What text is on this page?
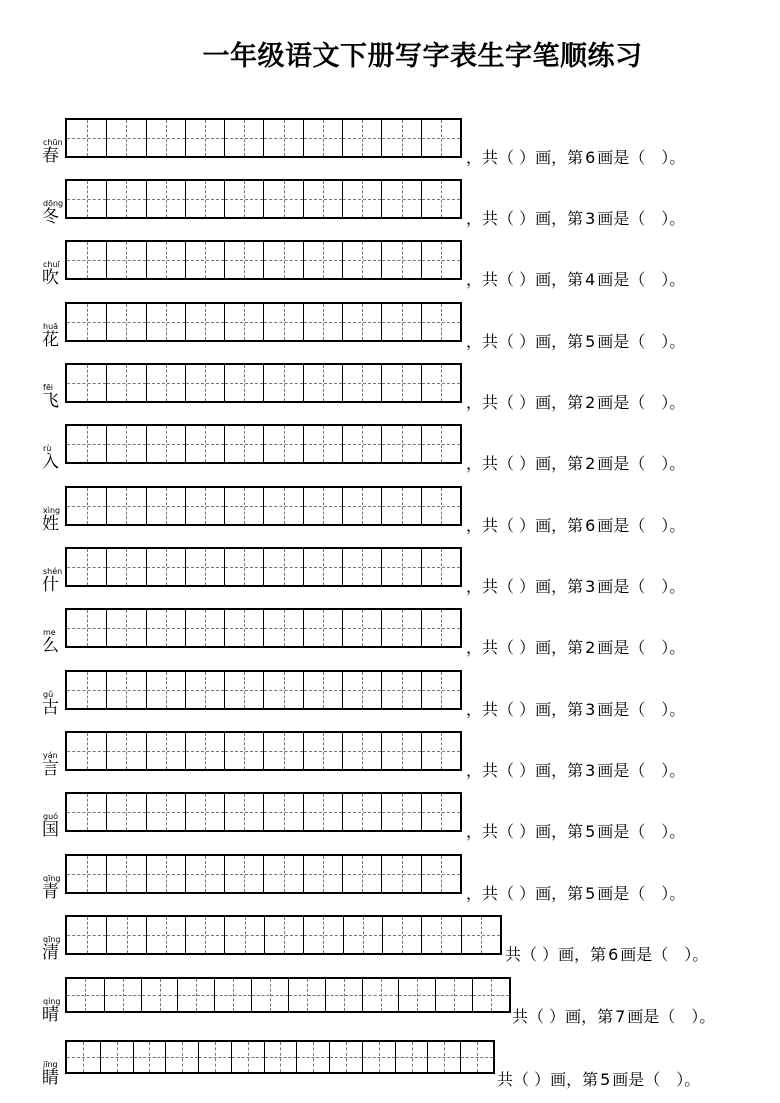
一年级语文下册写字表生字笔顺练习
chūn
春	，共（ ）画，第 6 画是（　）。
dōng
冬	，共（ ）画，第 3 画是（　）。
chuī
吹	，共（ ）画，第 4 画是（　）。
huā
花	，共（ ）画，第 5 画是（　）。
fēi
飞	，共（ ）画，第 2 画是（　）。
rù
入	，共（ ）画，第 2 画是（　）。
xìng
姓	，共（ ）画，第 6 画是（　）。
shén
什	，共（ ）画，第 3 画是（　）。
me
么	，共（ ）画，第 2 画是（　）。
gǔ
古	，共（ ）画，第 3 画是（　）。
yán
言	，共（ ）画，第 3 画是（　）。
guó
国	，共（ ）画，第 5 画是（　）。
qīng
青	，共（ ）画，第 5 画是（　）。
qīng
清	共（ ）画，第 6 画是（　）。
qíng
晴	共（ ）画，第 7 画是（　）。
jīng
睛	共（ ）画，第 5 画是（　）。
